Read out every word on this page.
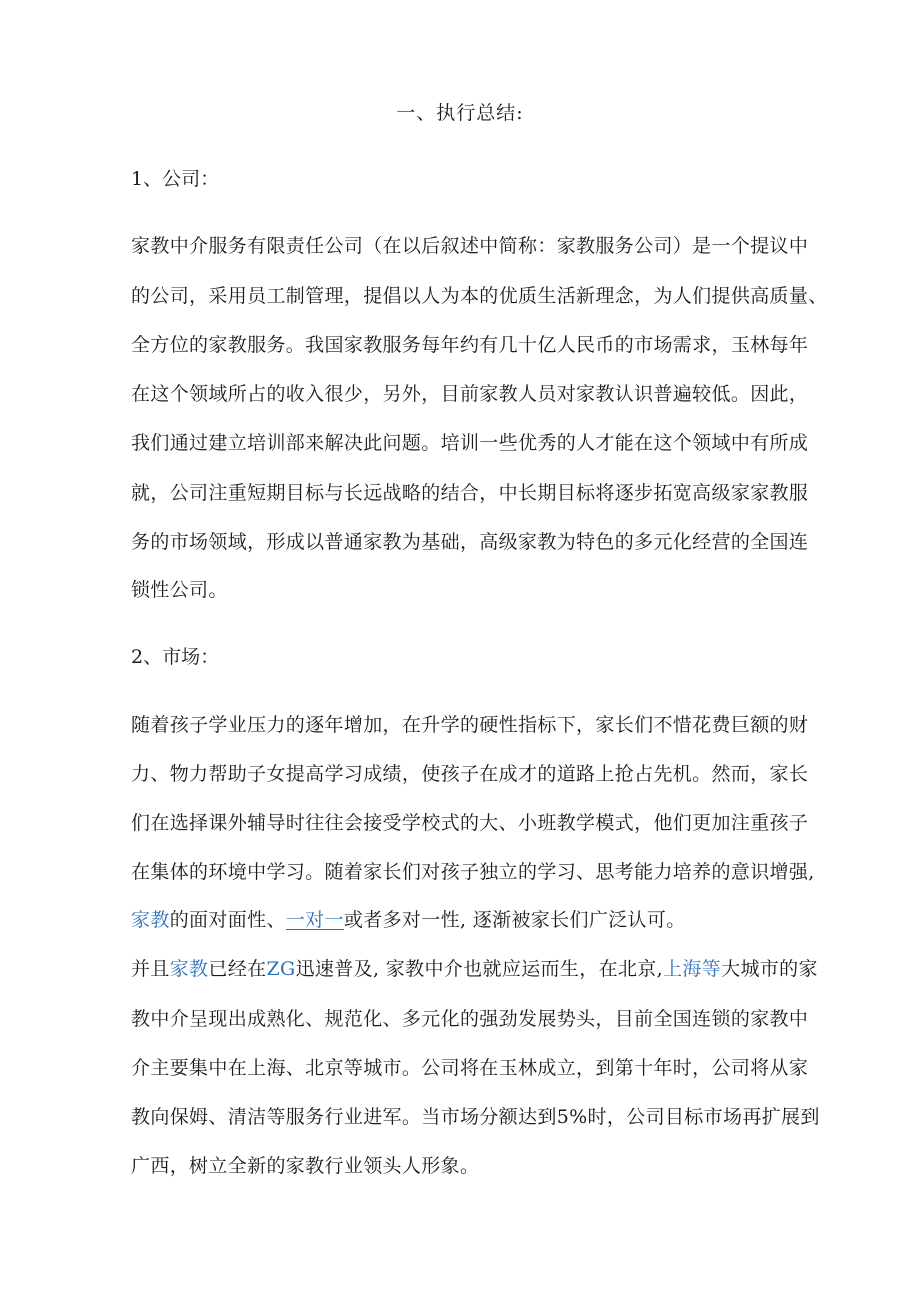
一、执行总结:
1、公司：
家教中介服务有限责任公司（在以后叙述中简称：家教服务公司）是一个提议中
的公司，采用员工制管理，提倡以人为本的优质生活新理念，为人们提供高质量、
全方位的家教服务。我国家教服务每年约有几十亿人民币的市场需求，玉林每年
在这个领域所占的收入很少，另外，目前家教人员对家教认识普遍较低。因此，
我们通过建立培训部来解决此问题。培训一些优秀的人才能在这个领域中有所成
就，公司注重短期目标与长远战略的结合，中长期目标将逐步拓宽高级家家教服
务的市场领域，形成以普通家教为基础，高级家教为特色的多元化经营的全国连
锁性公司。
2、市场：
随着孩子学业压力的逐年增加，在升学的硬性指标下，家长们不惜花费巨额的财
力、物力帮助子女提高学习成绩，使孩子在成才的道路上抢占先机。然而，家长
们在选择课外辅导时往往会接受学校式的大、小班教学模式，他们更加注重孩子
在集体的环境中学习。随着家长们对孩子独立的学习、思考能力培养的意识增强,
家教的面对面性、一对一或者多对一性, 逐渐被家长们广泛认可。
并且家教已经在ZG迅速普及, 家教中介也就应运而生，在北京,上海等大城市的家
教中介呈现出成熟化、规范化、多元化的强劲发展势头，目前全国连锁的家教中
介主要集中在上海、北京等城市。公司将在玉林成立，到第十年时，公司将从家
教向保姆、清洁等服务行业进军。当市场分额达到5%时，公司目标市场再扩展到
广西，树立全新的家教行业领头人形象。
